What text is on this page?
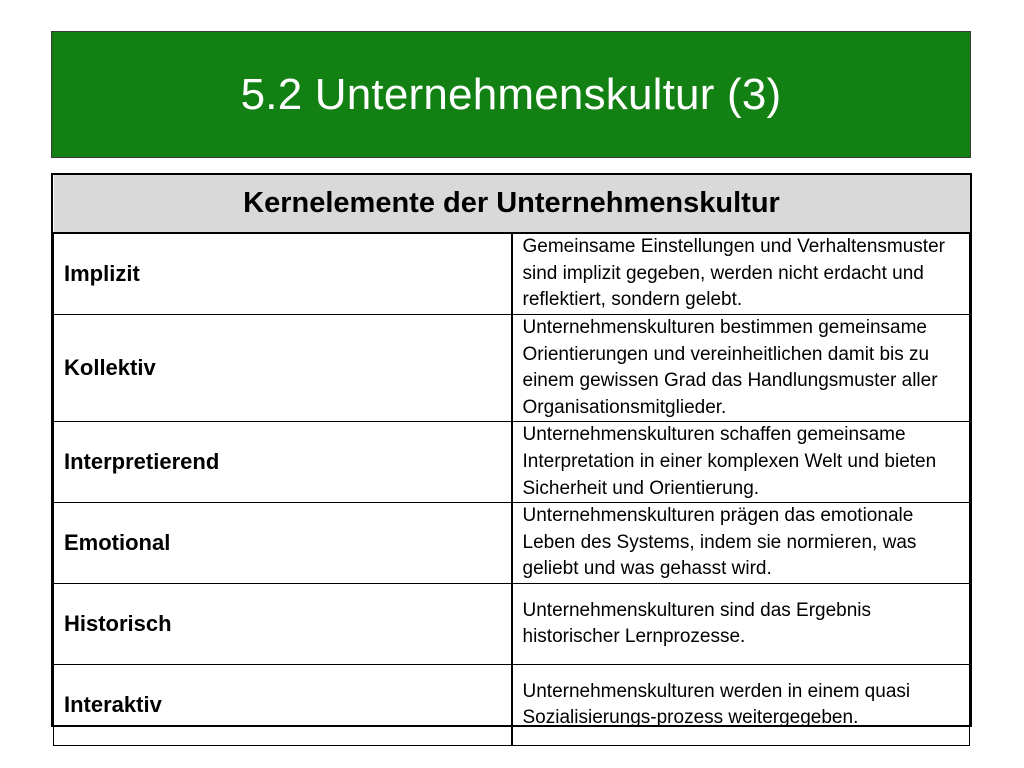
5.2 Unternehmenskultur (3)
Kernelemente der Unternehmenskultur	
Implizit	Gemeinsame Einstellungen und Verhaltensmuster sind implizit gegeben, werden nicht erdacht und reflektiert, sondern gelebt.
Kollektiv	Unternehmenskulturen bestimmen gemeinsame Orientierungen und vereinheitlichen damit bis zu einem gewissen Grad das Handlungsmuster aller Organisationsmitglieder.
Interpretierend	Unternehmenskulturen schaffen gemeinsame Interpretation in einer komplexen Welt und bieten Sicherheit und Orientierung.
Emotional	Unternehmenskulturen prägen das emotionale Leben des Systems, indem sie normieren, was geliebt und was gehasst wird.
Historisch	Unternehmenskulturen sind das Ergebnis historischer Lernprozesse.
Interaktiv	Unternehmenskulturen werden in einem quasi Sozialisierungs-prozess weitergegeben.
